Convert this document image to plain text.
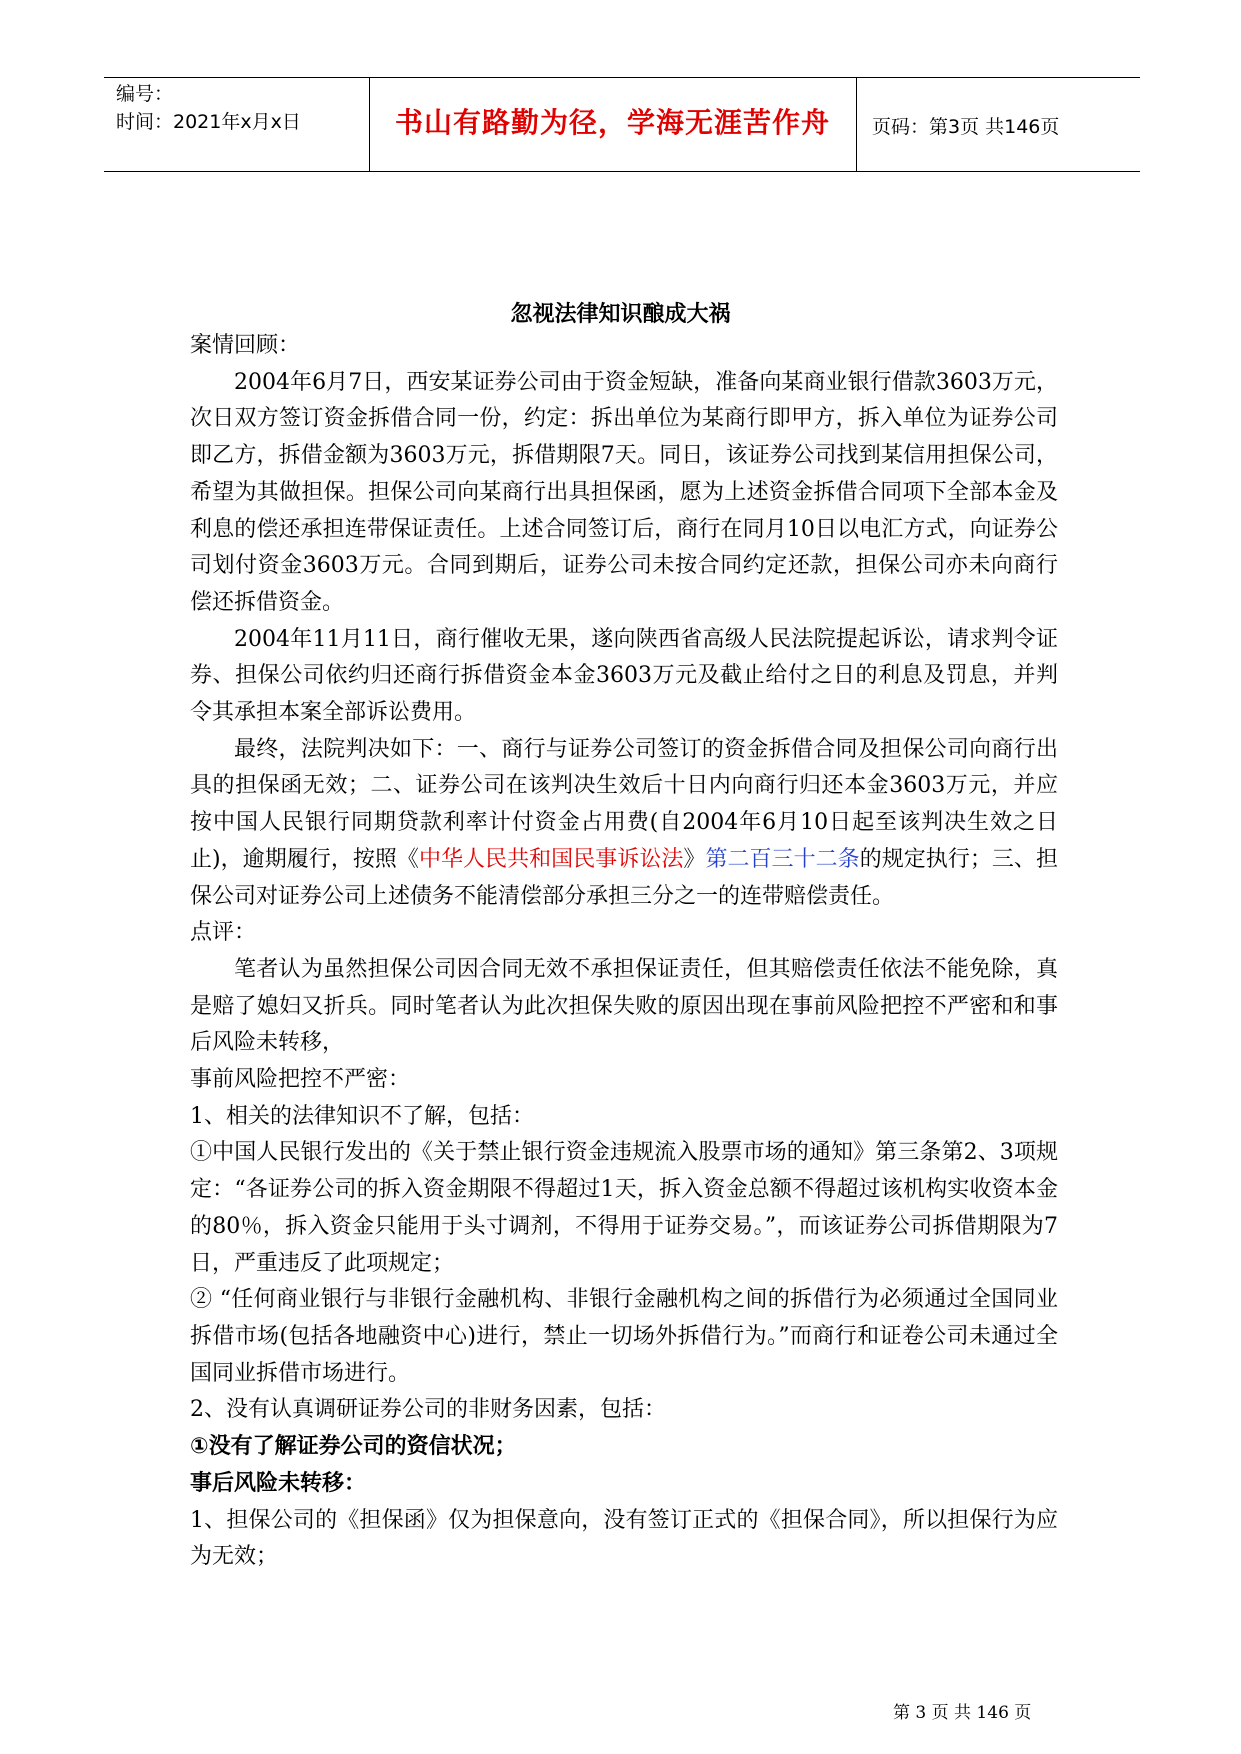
编号：
时间：2021年x月x日	书山有路勤为径，学海无涯苦作舟	页码：第3页 共146页
忽视法律知识酿成大祸

案情回顾：

2004年6月7日，西安某证券公司由于资金短缺，准备向某商业银行借款3603万元，次日双方签订资金拆借合同一份，约定：拆出单位为某商行即甲方，拆入单位为证券公司即乙方，拆借金额为3603万元，拆借期限7天。同日，该证券公司找到某信用担保公司，希望为其做担保。担保公司向某商行出具担保函，愿为上述资金拆借合同项下全部本金及利息的偿还承担连带保证责任。上述合同签订后，商行在同月10日以电汇方式，向证券公司划付资金3603万元。合同到期后，证券公司未按合同约定还款，担保公司亦未向商行偿还拆借资金。

2004年11月11日，商行催收无果，遂向陕西省高级人民法院提起诉讼，请求判令证券、担保公司依约归还商行拆借资金本金3603万元及截止给付之日的利息及罚息，并判令其承担本案全部诉讼费用。

最终，法院判决如下：一、商行与证券公司签订的资金拆借合同及担保公司向商行出具的担保函无效；二、证券公司在该判决生效后十日内向商行归还本金3603万元，并应按中国人民银行同期贷款利率计付资金占用费(自2004年6月10日起至该判决生效之日止)，逾期履行，按照《中华人民共和国民事诉讼法》第二百三十二条的规定执行；三、担保公司对证券公司上述债务不能清偿部分承担三分之一的连带赔偿责任。

点评：

笔者认为虽然担保公司因合同无效不承担保证责任，但其赔偿责任依法不能免除，真是赔了媳妇又折兵。同时笔者认为此次担保失败的原因出现在事前风险把控不严密和和事后风险未转移，

事前风险把控不严密：

1、相关的法律知识不了解，包括：

①中国人民银行发出的《关于禁止银行资金违规流入股票市场的通知》第三条第2、3项规定：“各证券公司的拆入资金期限不得超过1天，拆入资金总额不得超过该机构实收资本金的80％，拆入资金只能用于头寸调剂，不得用于证券交易。”，而该证券公司拆借期限为7日，严重违反了此项规定；

② “任何商业银行与非银行金融机构、非银行金融机构之间的拆借行为必须通过全国同业拆借市场(包括各地融资中心)进行，禁止一切场外拆借行为。”而商行和证卷公司未通过全国同业拆借市场进行。

2、没有认真调研证券公司的非财务因素，包括：

①没有了解证券公司的资信状况；

事后风险未转移：

1、担保公司的《担保函》仅为担保意向，没有签订正式的《担保合同》，所以担保行为应为无效；

第 3 页 共 146 页
